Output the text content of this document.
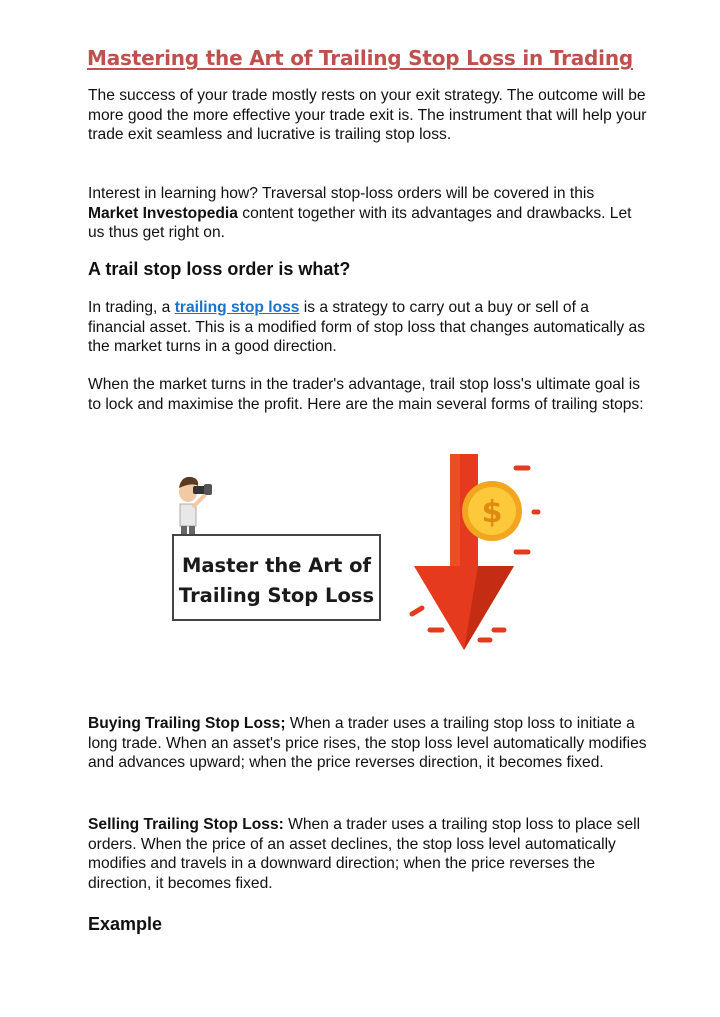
Mastering the Art of Trailing Stop Loss in Trading
The success of your trade mostly rests on your exit strategy. The outcome will be more good the more effective your trade exit is. The instrument that will help your trade exit seamless and lucrative is trailing stop loss.
Interest in learning how? Traversal stop-loss orders will be covered in this Market Investopedia content together with its advantages and drawbacks. Let us thus get right on.
A trail stop loss order is what?
In trading, a trailing stop loss is a strategy to carry out a buy or sell of a financial asset. This is a modified form of stop loss that changes automatically as the market turns in a good direction.
When the market turns in the trader's advantage, trail stop loss's ultimate goal is to lock and maximise the profit. Here are the main several forms of trailing stops:
Master the Art of
Trailing Stop Loss
$
Buying Trailing Stop Loss; When a trader uses a trailing stop loss to initiate a long trade. When an asset's price rises, the stop loss level automatically modifies and advances upward; when the price reverses direction, it becomes fixed.
Selling Trailing Stop Loss: When a trader uses a trailing stop loss to place sell orders. When the price of an asset declines, the stop loss level automatically modifies and travels in a downward direction; when the price reverses the direction, it becomes fixed.
Example
